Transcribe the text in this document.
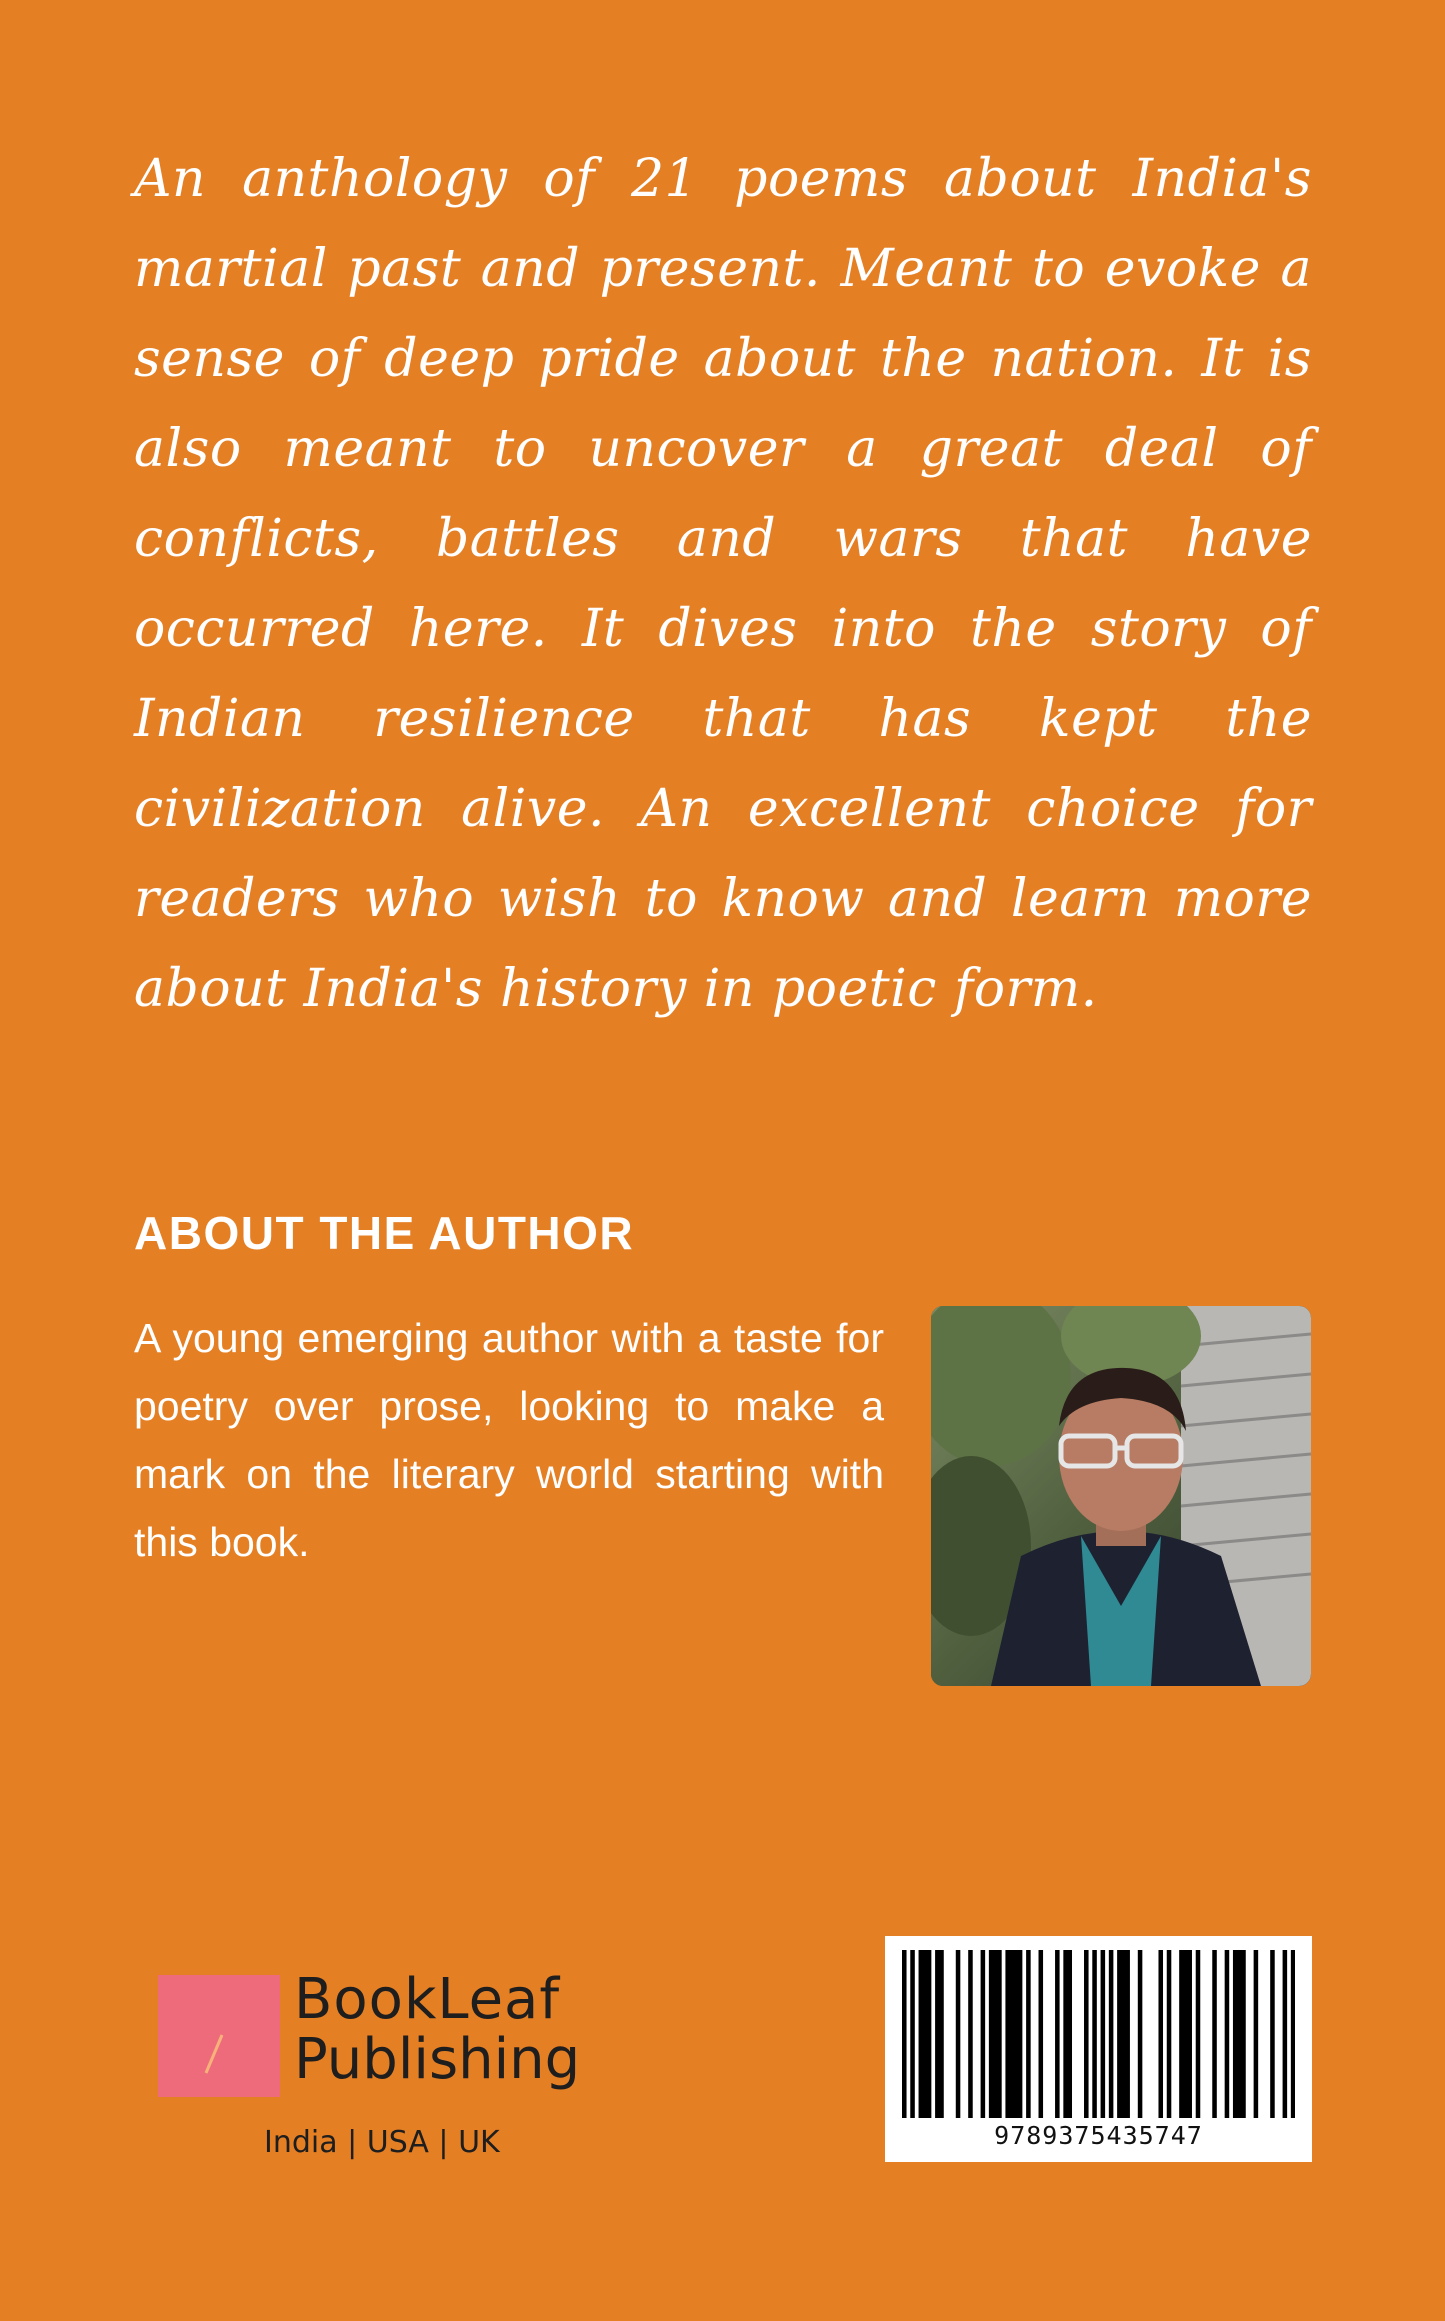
An anthology of 21 poems about India's martial past and present. Meant to evoke a sense of deep pride about the nation. It is also meant to uncover a great deal of conflicts, battles and wars that have occurred here. It dives into the story of Indian resilience that has kept the civilization alive. An excellent choice for readers who wish to know and learn more about India's history in poetic form.

ABOUT THE AUTHOR

A young emerging author with a taste for poetry over prose, looking to make a mark on the literary world starting with this book.

BookLeaf

Publishing

India | USA | UK	9789375435747
